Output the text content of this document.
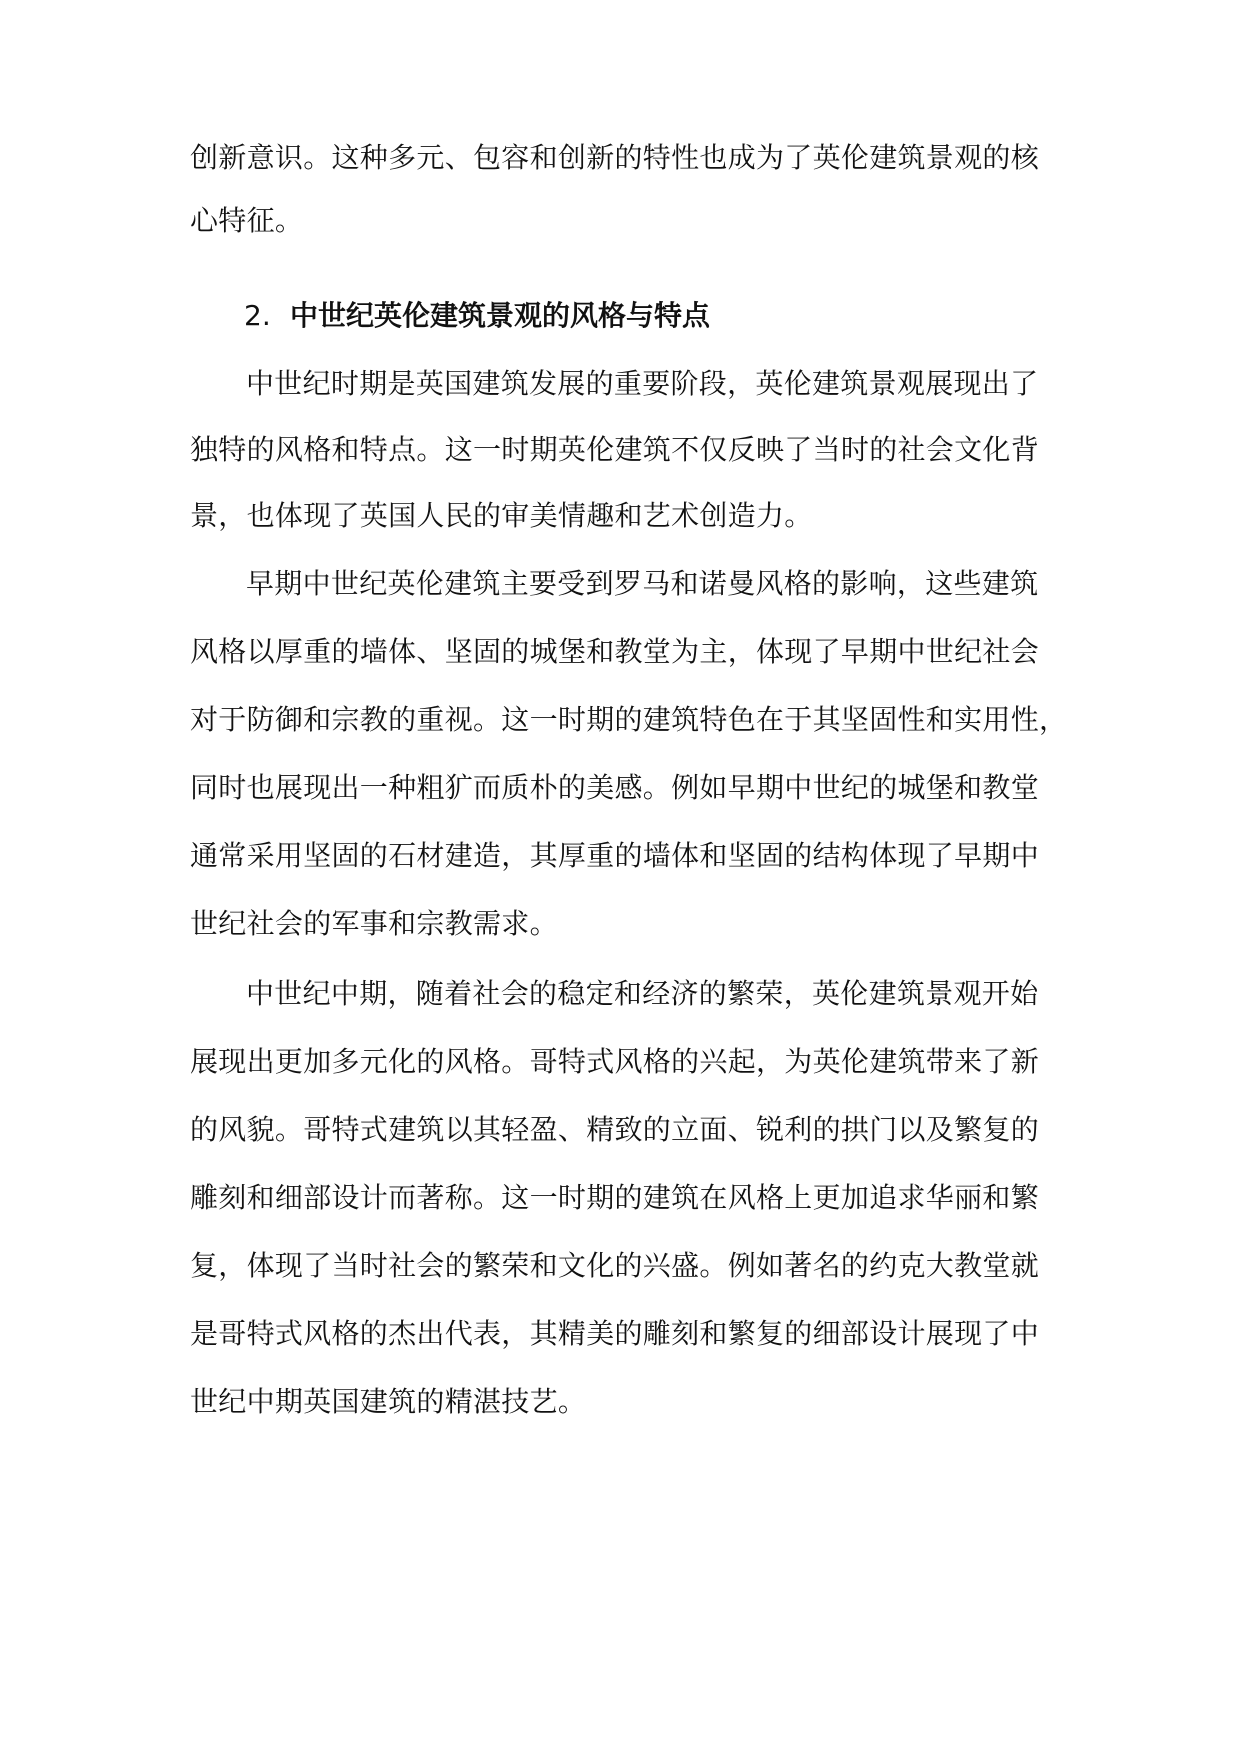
创新意识。这种多元、包容和创新的特性也成为了英伦建筑景观的核
心特征。
2. 中世纪英伦建筑景观的风格与特点
中世纪时期是英国建筑发展的重要阶段，英伦建筑景观展现出了
独特的风格和特点。这一时期英伦建筑不仅反映了当时的社会文化背
景，也体现了英国人民的审美情趣和艺术创造力。
早期中世纪英伦建筑主要受到罗马和诺曼风格的影响，这些建筑
风格以厚重的墙体、坚固的城堡和教堂为主，体现了早期中世纪社会
对于防御和宗教的重视。这一时期的建筑特色在于其坚固性和实用性，
同时也展现出一种粗犷而质朴的美感。例如早期中世纪的城堡和教堂
通常采用坚固的石材建造，其厚重的墙体和坚固的结构体现了早期中
世纪社会的军事和宗教需求。
中世纪中期，随着社会的稳定和经济的繁荣，英伦建筑景观开始
展现出更加多元化的风格。哥特式风格的兴起，为英伦建筑带来了新
的风貌。哥特式建筑以其轻盈、精致的立面、锐利的拱门以及繁复的
雕刻和细部设计而著称。这一时期的建筑在风格上更加追求华丽和繁
复，体现了当时社会的繁荣和文化的兴盛。例如著名的约克大教堂就
是哥特式风格的杰出代表，其精美的雕刻和繁复的细部设计展现了中
世纪中期英国建筑的精湛技艺。
